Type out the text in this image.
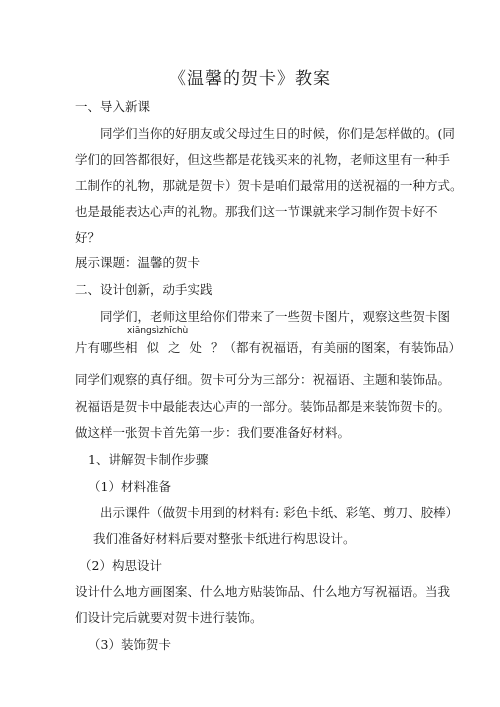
《温馨的贺卡》教案
一、导入新课
同学们当你的好朋友或父母过生日的时候，你们是怎样做的。(同
学们的回答都很好，但这些都是花钱买来的礼物，老师这里有一种手
工制作的礼物，那就是贺卡）贺卡是咱们最常用的送祝福的一种方式。
也是最能表达心声的礼物。那我们这一节课就来学习制作贺卡好不
好？
展示课题：温馨的贺卡
二、设计创新，动手实践
同学们，老师这里给你们带来了一些贺卡图片，观察这些贺卡图
片有哪些
xiāngsìzhīchù
相似之处？（都有祝福语，有美丽的图案，有装饰品）
同学们观察的真仔细。贺卡可分为三部分：祝福语、主题和装饰品。
祝福语是贺卡中最能表达心声的一部分。装饰品都是来装饰贺卡的。
做这样一张贺卡首先第一步：我们要准备好材料。
1、讲解贺卡制作步骤
（1）材料准备
出示课件（做贺卡用到的材料有: 彩色卡纸、彩笔、剪刀、胶棒）
我们准备好材料后要对整张卡纸进行构思设计。
（2）构思设计
设计什么地方画图案、什么地方贴装饰品、什么地方写祝福语。当我
们设计完后就要对贺卡进行装饰。
（3）装饰贺卡
